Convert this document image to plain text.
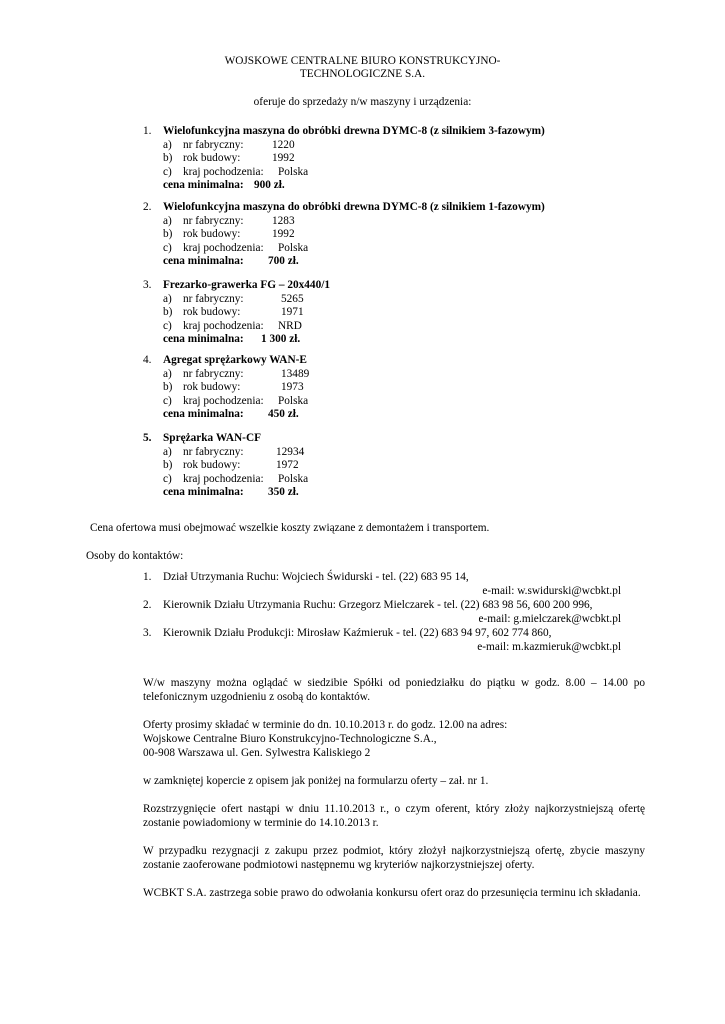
WOJSKOWE CENTRALNE BIURO KONSTRUKCYJNO-
TECHNOLOGICZNE S.A.
oferuje do sprzedaży n/w maszyny i urządzenia:
1. Wielofunkcyjna maszyna do obróbki drewna DYMC-8 (z silnikiem 3-fazowym)
a) nr fabryczny:	1220
b) rok budowy:	1992
c) kraj pochodzenia: Polska
cena minimalna: 900 zł.
2. Wielofunkcyjna maszyna do obróbki drewna DYMC-8 (z silnikiem 1-fazowym)
a) nr fabryczny:	1283
b) rok budowy:	1992
c) kraj pochodzenia: Polska
cena minimalna: 700 zł.
3. Frezarko-grawerka FG – 20x440/1
a) nr fabryczny:	5265
b) rok budowy:	1971
c) kraj pochodzenia: NRD
cena minimalna: 1 300 zł.
4. Agregat sprężarkowy WAN-E
a) nr fabryczny:	13489
b) rok budowy:	1973
c) kraj pochodzenia: Polska
cena minimalna: 450 zł.
5. Sprężarka WAN-CF
a) nr fabryczny:	12934
b) rok budowy:	1972
c) kraj pochodzenia: Polska
cena minimalna: 350 zł.
Cena ofertowa musi obejmować wszelkie koszty związane z demontażem i transportem.
Osoby do kontaktów:
1. Dział Utrzymania Ruchu: Wojciech Świdurski - tel. (22) 683 95 14,
e-mail: w.swidurski@wcbkt.pl
2. Kierownik Działu Utrzymania Ruchu: Grzegorz Mielczarek - tel. (22) 683 98 56, 600 200 996,
e-mail: g.mielczarek@wcbkt.pl
3. Kierownik Działu Produkcji: Mirosław Kaźmieruk - tel. (22) 683 94 97, 602 774 860,
e-mail: m.kazmieruk@wcbkt.pl
W/w maszyny można oglądać w siedzibie Spółki od poniedziałku do piątku w godz. 8.00 – 14.00 po telefonicznym uzgodnieniu z osobą do kontaktów.
Oferty prosimy składać w terminie do dn. 10.10.2013 r. do godz. 12.00 na adres:
Wojskowe Centralne Biuro Konstrukcyjno-Technologiczne S.A.,
00-908 Warszawa ul. Gen. Sylwestra Kaliskiego 2
w zamkniętej kopercie z opisem jak poniżej na formularzu oferty – zał. nr 1.
Rozstrzygnięcie ofert nastąpi w dniu 11.10.2013 r., o czym oferent, który złoży najkorzystniejszą ofertę zostanie powiadomiony w terminie do 14.10.2013 r.
W przypadku rezygnacji z zakupu przez podmiot, który złożył najkorzystniejszą ofertę, zbycie maszyny zostanie zaoferowane podmiotowi następnemu wg kryteriów najkorzystniejszej oferty.
WCBKT S.A. zastrzega sobie prawo do odwołania konkursu ofert oraz do przesunięcia terminu ich składania.
